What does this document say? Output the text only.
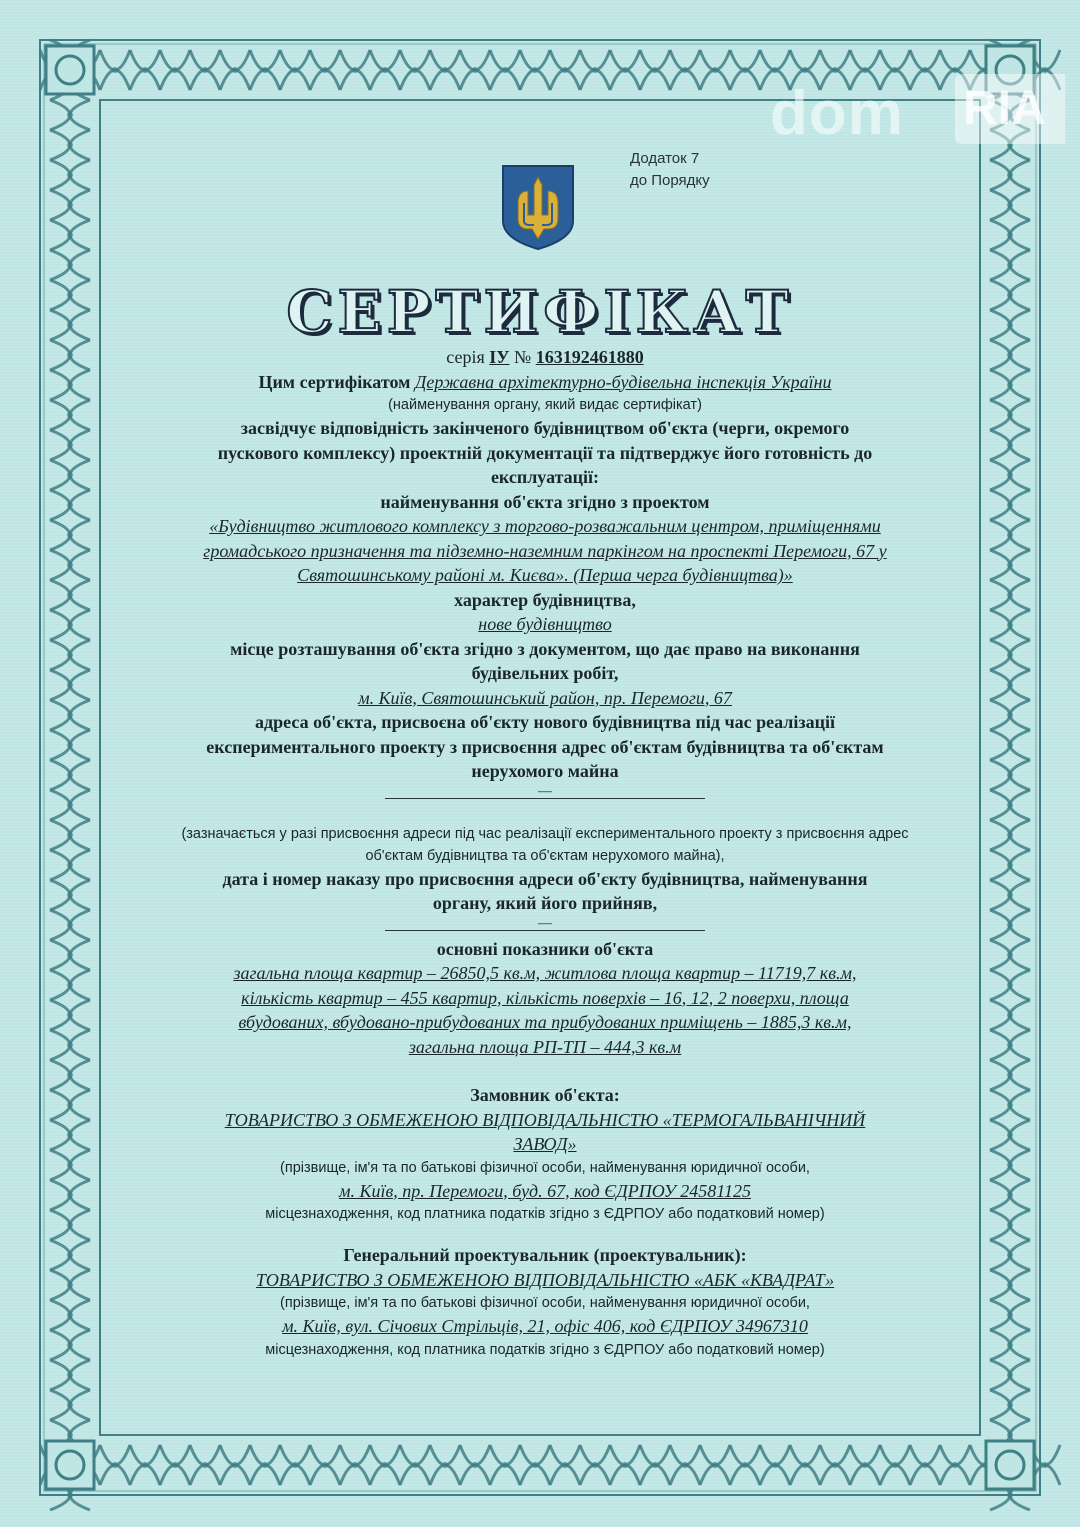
dom RIA
Додаток 7
до Порядку
СЕРТИФІКАТ

серія ІУ № 163192461880

Цим сертифікатом Державна архітектурно-будівельна інспекція України

(найменування органу, який видає сертифікат)

засвідчує відповідність закінченого будівництвом об'єкта (черги, окремого

пускового комплексу) проектній документації та підтверджує його готовність до

експлуатації:

найменування об'єкта згідно з проектом

«Будівництво житлового комплексу з торгово-розважальним центром, приміщеннями

громадського призначення та підземно-наземним паркінгом на проспекті Перемоги, 67 у

Святошинському районі м. Києва». (Перша черга будівництва)»

характер будівництва,

нове будівництво

місце розташування об'єкта згідно з документом, що дає право на виконання

будівельних робіт,

м. Київ, Святошинський район, пр. Перемоги, 67

адреса об'єкта, присвоєна об'єкту нового будівництва під час реалізації

експериментального проекту з присвоєння адрес об'єктам будівництва та об'єктам

нерухомого майна

—

(зазначається у разі присвоєння адреси під час реалізації експериментального проекту з присвоєння адрес

об'єктам будівництва та об'єктам нерухомого майна),

дата і номер наказу про присвоєння адреси об'єкту будівництва, найменування

органу, який його прийняв,

—

основні показники об'єкта

загальна площа квартир – 26850,5 кв.м, житлова площа квартир – 11719,7 кв.м,

кількість квартир – 455 квартир, кількість поверхів – 16, 12, 2 поверхи, площа

вбудованих, вбудовано-прибудованих та прибудованих приміщень – 1885,3 кв.м,

загальна площа РП-ТП – 444,3 кв.м

Замовник об'єкта:

ТОВАРИСТВО З ОБМЕЖЕНОЮ ВІДПОВІДАЛЬНІСТЮ «ТЕРМОГАЛЬВАНІЧНИЙ

ЗАВОД»

(прізвище, ім'я та по батькові фізичної особи, найменування юридичної особи,

м. Київ, пр. Перемоги, буд. 67, код ЄДРПОУ 24581125

місцезнаходження, код платника податків згідно з ЄДРПОУ або податковий номер)

Генеральний проектувальник (проектувальник):

ТОВАРИСТВО З ОБМЕЖЕНОЮ ВІДПОВІДАЛЬНІСТЮ «АБК «КВАДРАТ»

(прізвище, ім'я та по батькові фізичної особи, найменування юридичної особи,

м. Київ, вул. Січових Стрільців, 21, офіс 406, код ЄДРПОУ 34967310

місцезнаходження, код платника податків згідно з ЄДРПОУ або податковий номер)
